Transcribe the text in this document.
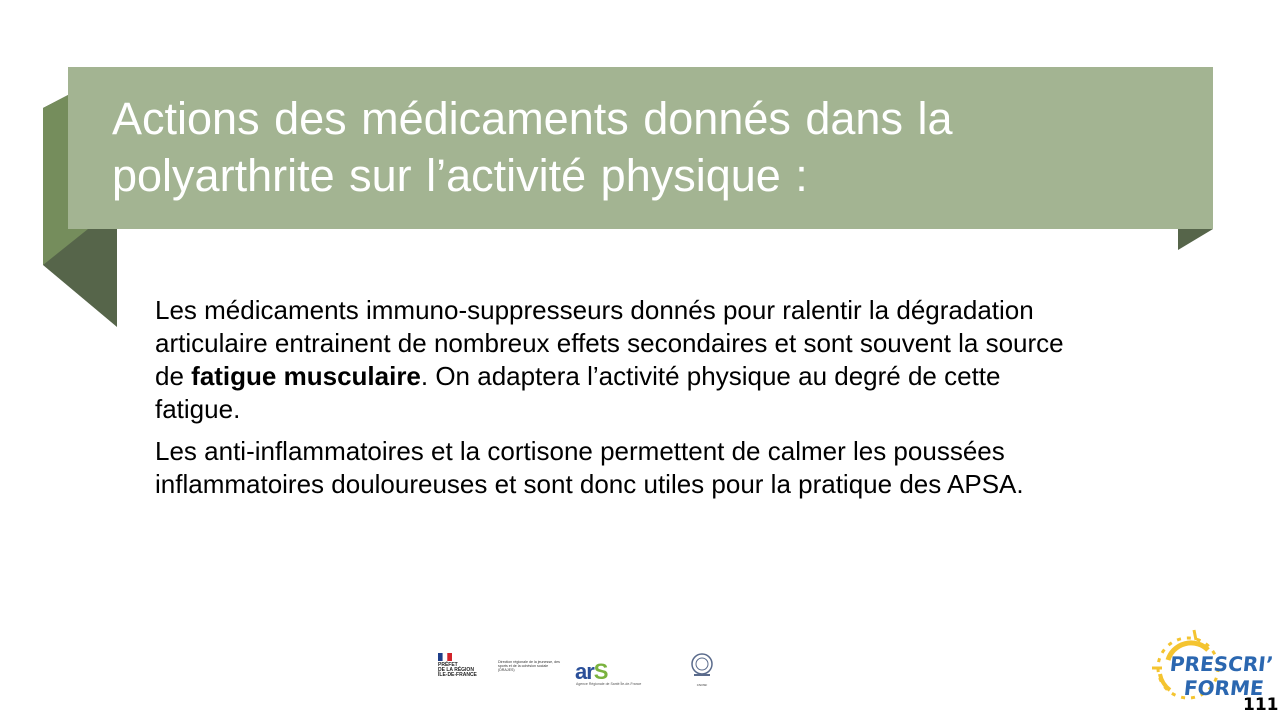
Actions des médicaments donnés dans la
polyarthrite sur l’activité physique :

Les médicaments immuno-suppresseurs donnés pour ralentir la dégradation articulaire entrainent de nombreux effets secondaires et sont souvent la source de fatigue musculaire. On adaptera l’activité physique au degré de cette fatigue.

Les anti-inflammatoires et la cortisone permettent de calmer les poussées inflammatoires douloureuses et sont donc utiles pour la pratique des APSA.

PRÉFET
DE LA RÉGION
ÎLE-DE-FRANCE
Direction régionale de la jeunesse, des sports et de la cohésion sociale (DRAJES)	arS
Agence Régionale de Santé Île-de-France	CNOSF
PRESCRI’
FORME
111
